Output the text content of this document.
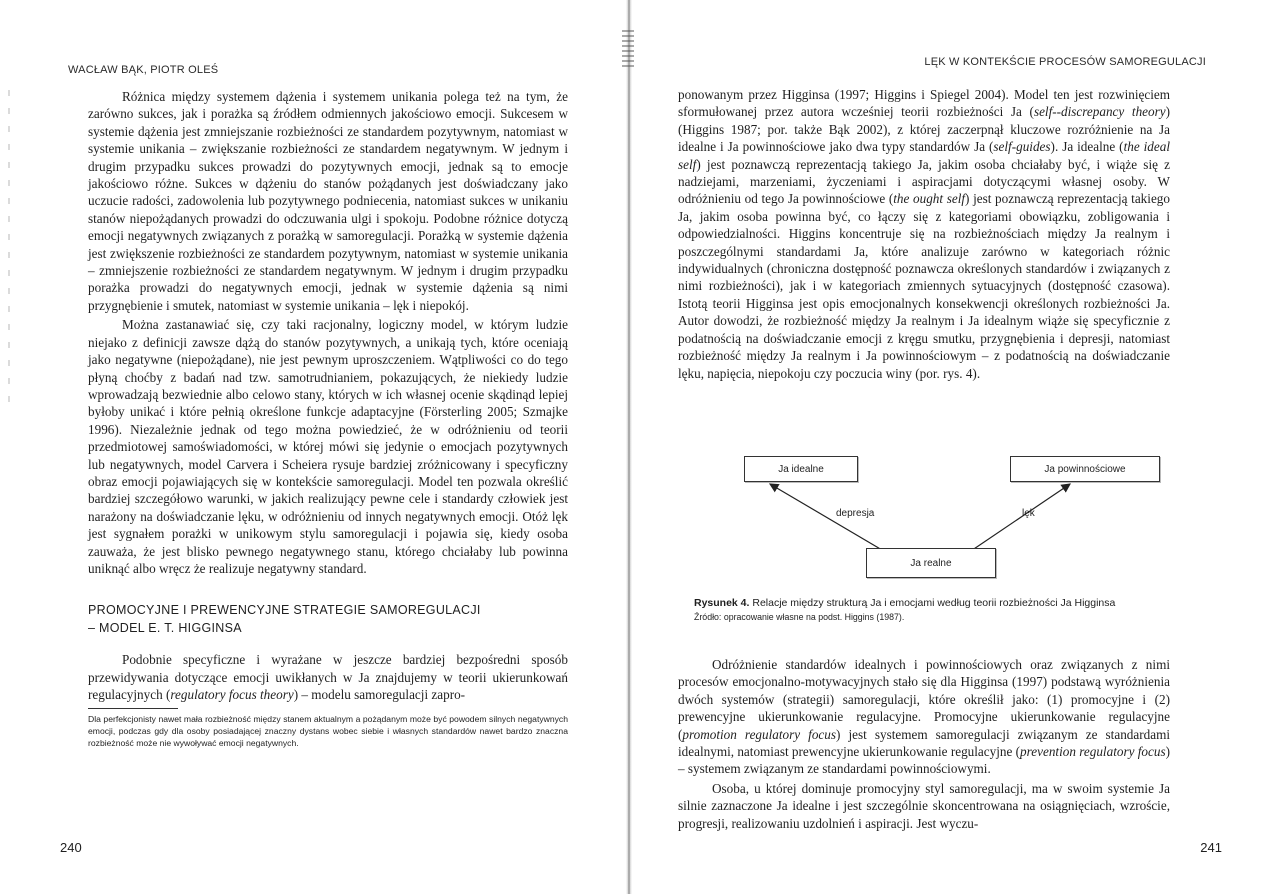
WACŁAW BĄK, PIOTR OLEŚ

Różnica między systemem dążenia i systemem unikania polega też na tym, że zarówno sukces, jak i porażka są źródłem odmiennych jakościowo emocji. Sukcesem w systemie dążenia jest zmniejszanie rozbieżności ze standardem pozytywnym, natomiast w systemie unikania – zwiększanie rozbieżności ze standardem negatywnym. W jednym i drugim przypadku sukces prowadzi do pozytywnych emocji, jednak są to emocje jakościowo różne. Sukces w dążeniu do stanów pożądanych jest doświadczany jako uczucie radości, zadowolenia lub pozytywnego podniecenia, natomiast sukces w unikaniu stanów niepożądanych prowadzi do odczuwania ulgi i spokoju. Podobne różnice dotyczą emocji negatywnych związanych z porażką w samoregulacji. Porażką w systemie dążenia jest zwiększenie rozbieżności ze standardem pozytywnym, natomiast w systemie unikania – zmniejszenie rozbieżności ze standardem negatywnym. W jednym i drugim przypadku porażka prowadzi do negatywnych emocji, jednak w systemie dążenia są nimi przygnębienie i smutek, natomiast w systemie unikania – lęk i niepokój.

Można zastanawiać się, czy taki racjonalny, logiczny model, w którym ludzie niejako z definicji zawsze dążą do stanów pozytywnych, a unikają tych, które oceniają jako negatywne (niepożądane), nie jest pewnym uproszczeniem. Wątpliwości co do tego płyną choćby z badań nad tzw. samotrudnianiem, pokazujących, że niekiedy ludzie wprowadzają bezwiednie albo celowo stany, których w ich własnej ocenie skądinąd lepiej byłoby unikać i które pełnią określone funkcje adaptacyjne (Försterling 2005; Szmajke 1996). Niezależnie jednak od tego można powiedzieć, że w odróżnieniu od teorii przedmiotowej samoświadomości, w której mówi się jedynie o emocjach pozytywnych lub negatywnych, model Carvera i Scheiera rysuje bardziej zróżnicowany i specyficzny obraz emocji pojawiających się w kontekście samoregulacji. Model ten pozwala określić bardziej szczegółowo warunki, w jakich realizujący pewne cele i standardy człowiek jest narażony na doświadczanie lęku, w odróżnieniu od innych negatywnych emocji. Otóż lęk jest sygnałem porażki w unikowym stylu samoregulacji i pojawia się, kiedy osoba zauważa, że jest blisko pewnego negatywnego stanu, którego chciałaby lub powinna uniknąć albo wręcz że realizuje negatywny standard.

PROMOCYJNE I PREWENCYJNE STRATEGIE SAMOREGULACJI
– MODEL E. T. HIGGINSA

Podobnie specyficzne i wyrażane w jeszcze bardziej bezpośredni sposób przewidywania dotyczące emocji uwikłanych w Ja znajdujemy w teorii ukierunkowań regulacyjnych (regulatory focus theory) – modelu samoregulacji zapro-

Dla perfekcjonisty nawet mała rozbieżność między stanem aktualnym a pożądanym może być powodem silnych negatywnych emocji, podczas gdy dla osoby posiadającej znaczny dystans wobec siebie i własnych standardów nawet bardzo znaczna rozbieżność może nie wywoływać emocji negatywnych.

240
LĘK W KONTEKŚCIE PROCESÓW SAMOREGULACJI

ponowanym przez Higginsa (1997; Higgins i Spiegel 2004). Model ten jest rozwinięciem sformułowanej przez autora wcześniej teorii rozbieżności Ja (self--discrepancy theory) (Higgins 1987; por. także Bąk 2002), z której zaczerpnął kluczowe rozróżnienie na Ja idealne i Ja powinnościowe jako dwa typy standardów Ja (self-guides). Ja idealne (the ideal self) jest poznawczą reprezentacją takiego Ja, jakim osoba chciałaby być, i wiąże się z nadziejami, marzeniami, życzeniami i aspiracjami dotyczącymi własnej osoby. W odróżnieniu od tego Ja powinnościowe (the ought self) jest poznawczą reprezentacją takiego Ja, jakim osoba powinna być, co łączy się z kategoriami obowiązku, zobligowania i odpowiedzialności. Higgins koncentruje się na rozbieżnościach między Ja realnym i poszczególnymi standardami Ja, które analizuje zarówno w kategoriach różnic indywidualnych (chroniczna dostępność poznawcza określonych standardów i związanych z nimi rozbieżności), jak i w kategoriach zmiennych sytuacyjnych (dostępność czasowa). Istotą teorii Higginsa jest opis emocjonalnych konsekwencji określonych rozbieżności Ja. Autor dowodzi, że rozbieżność między Ja realnym i Ja idealnym wiąże się specyficznie z podatnością na doświadczanie emocji z kręgu smutku, przygnębienia i depresji, natomiast rozbieżność między Ja realnym i Ja powinnościowym – z podatnością na doświadczanie lęku, napięcia, niepokoju czy poczucia winy (por. rys. 4).

Ja idealne	Ja powinnościowe
Ja realne
depresja	lęk
Rysunek 4. Relacje między strukturą Ja i emocjami według teorii rozbieżności Ja Higginsa
Źródło: opracowanie własne na podst. Higgins (1987).

Odróżnienie standardów idealnych i powinnościowych oraz związanych z nimi procesów emocjonalno-motywacyjnych stało się dla Higginsa (1997) podstawą wyróżnienia dwóch systemów (strategii) samoregulacji, które określił jako: (1) promocyjne i (2) prewencyjne ukierunkowanie regulacyjne. Promocyjne ukierunkowanie regulacyjne (promotion regulatory focus) jest systemem samoregulacji związanym ze standardami idealnymi, natomiast prewencyjne ukierunkowanie regulacyjne (prevention regulatory focus) – systemem związanym ze standardami powinnościowymi.

Osoba, u której dominuje promocyjny styl samoregulacji, ma w swoim systemie Ja silnie zaznaczone Ja idealne i jest szczególnie skoncentrowana na osiągnięciach, wzroście, progresji, realizowaniu uzdolnień i aspiracji. Jest wyczu-

241
